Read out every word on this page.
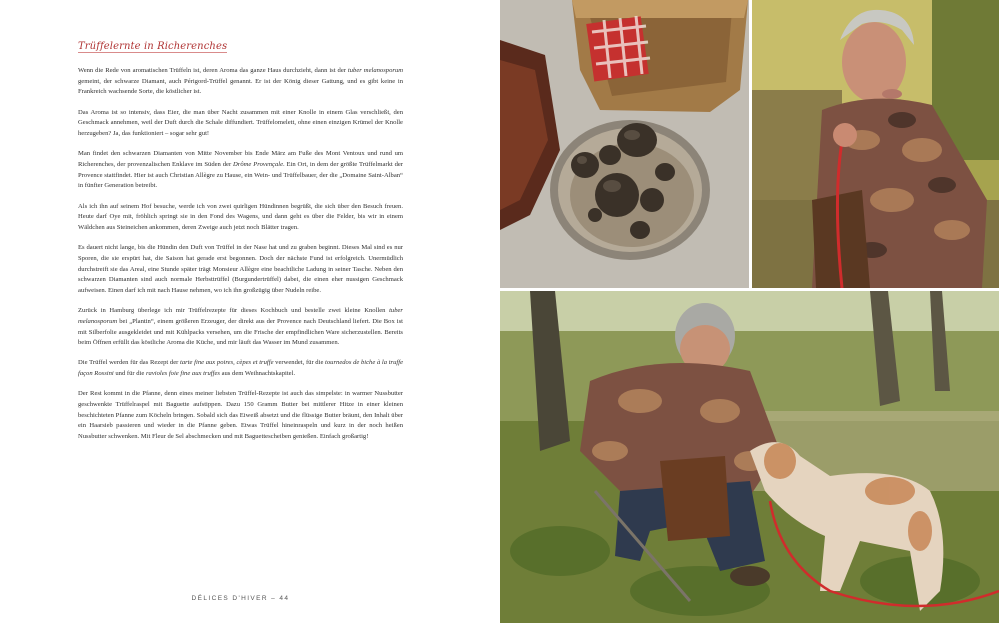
Trüffelernte in Richerenches

Wenn die Rede von aromatischen Trüffeln ist, deren Aroma das ganze Haus durchzieht, dann ist der tuber melanosporum gemeint, der schwarze Diamant, auch Périgord-Trüffel genannt. Er ist der König dieser Gattung, und es gibt keine in Frankreich wachsende Sorte, die köstlicher ist.

Das Aroma ist so intensiv, dass Eier, die man über Nacht zusammen mit einer Knolle in einem Glas verschließt, den Geschmack annehmen, weil der Duft durch die Schale diffundiert. Trüffelomelett, ohne einen einzigen Krümel der Knolle herzugeben? Ja, das funktioniert – sogar sehr gut!

Man findet den schwarzen Diamanten von Mitte November bis Ende März am Fuße des Mont Ventoux und rund um Richerenches, der provenzalischen Enklave im Süden der Drôme Provençale. Ein Ort, in dem der größte Trüffelmarkt der Provence stattfindet. Hier ist auch Christian Allègre zu Hause, ein Wein- und Trüffelbauer, der die „Domaine Saint-Alban“ in fünfter Generation betreibt.

Als ich ihn auf seinem Hof besuche, werde ich von zwei quirligen Hündinnen begrüßt, die sich über den Besuch freuen. Heute darf Oye mit, fröhlich springt sie in den Fond des Wagens, und dann geht es über die Felder, bis wir in einem Wäldchen aus Steineichen ankommen, deren Zweige auch jetzt noch Blätter tragen.

Es dauert nicht lange, bis die Hündin den Duft von Trüffel in der Nase hat und zu graben beginnt. Dieses Mal sind es nur Sporen, die sie erspürt hat, die Saison hat gerade erst begonnen. Doch der nächste Fund ist erfolgreich. Unermüdlich durchstreift sie das Areal, eine Stunde später trägt Monsieur Allègre eine beachtliche Ladung in seiner Tasche. Neben den schwarzen Diamanten sind auch normale Herbsttrüffel (Burgundertrüffel) dabei, die einen eher nussigen Geschmack aufweisen. Einen darf ich mit nach Hause nehmen, wo ich ihn großzügig über Nudeln reibe.

Zurück in Hamburg überlege ich mir Trüffelrezepte für dieses Kochbuch und bestelle zwei kleine Knollen tuber melanosporum bei „Plantin“, einem größeren Erzeuger, der direkt aus der Provence nach Deutschland liefert. Die Box ist mit Silberfolie ausgekleidet und mit Kühlpacks versehen, um die Frische der empfindlichen Ware sicherzustellen. Bereits beim Öffnen erfüllt das köstliche Aroma die Küche, und mir läuft das Wasser im Mund zusammen.

Die Trüffel werden für das Rezept der tarte fine aux poires, cèpes et truffe verwendet, für die tournedos de biche à la truffe façon Rossini und für die ravioles foie fine aux truffes aus dem Weihnachtskapitel.

Der Rest kommt in die Pfanne, denn eines meiner liebsten Trüffel-Rezepte ist auch das simpelste: in warmer Nussbutter geschwenkte Trüffelraspel mit Baguette aufstippen. Dazu 150 Gramm Butter bei mittlerer Hitze in einer kleinen beschichteten Pfanne zum Köcheln bringen. Sobald sich das Eiweiß absetzt und die flüssige Butter bräunt, den Inhalt über ein Haarsieb passieren und wieder in die Pfanne geben. Etwas Trüffel hineinraspeln und kurz in der noch heißen Nussbutter schwenken. Mit Fleur de Sel abschmecken und mit Baguettescheiben genießen. Einfach großartig!

DÉLICES D'HIVER – 44
